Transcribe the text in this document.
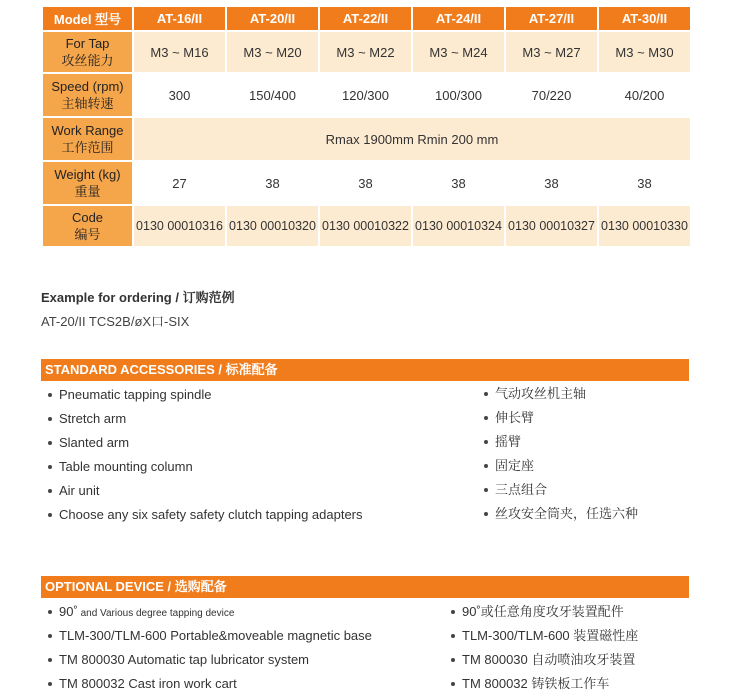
Model 型号	AT-16/II	AT-20/II	AT-22/II	AT-24/II	AT-27/II	AT-30/II

For Tap
攻丝能力	M3 ~ M16	M3 ~ M20	M3 ~ M22	M3 ~ M24	M3 ~ M27	M3 ~ M30

Speed (rpm)
主轴转速	300	150/400	120/300	100/300	70/220	40/200

Work Range
工作范围	Rmax 1900mm Rmin 200 mm					

Weight (kg)
重量	27	38	38	38	38	38

Code
编号	0130 00010316	0130 00010320	0130 00010322	0130 00010324	0130 00010327	0130 00010330
Example for ordering / 订购范例
AT-20/II TCS2B/øX口-SIX
STANDARD ACCESSORIES / 标准配备
Pneumatic tapping spindle
Stretch arm
Slanted arm
Table mounting column
Air unit
Choose any six safety safety clutch tapping adapters
气动攻丝机主轴
伸长臂
摇臂
固定座
三点组合
丝攻安全筒夹，任选六种
OPTIONAL DEVICE / 选购配备
90˚ and Various degree tapping device
TLM-300/TLM-600 Portable&moveable magnetic base
TM 800030 Automatic tap lubricator system
TM 800032 Cast iron work cart
90˚或任意角度攻牙装置配件
TLM-300/TLM-600 装置磁性座
TM 800030 自动喷油攻牙装置
TM 800032 铸铁板工作车
